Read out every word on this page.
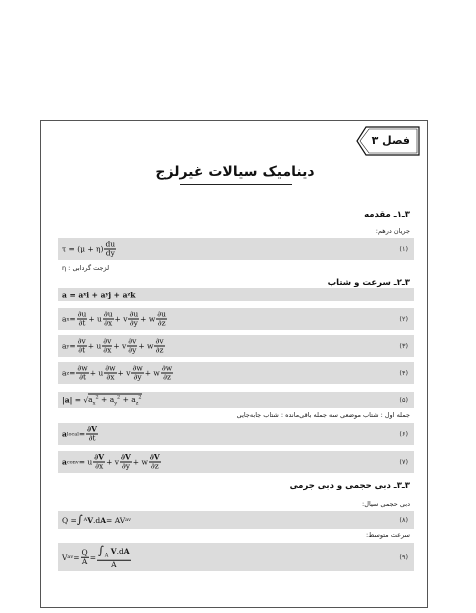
فصل ۳
دینامیک سیالات غیرلزج
۳ـ۱ـ مقدمه
جریان درهم:
τ = (μ + η)
du
dy	(۱)
η : لزجت گردابی
۳ـ۲ـ سرعت و شتاب
a = a x i + a y j + a z k
a x =
∂u
∂t + u
∂u
∂x + v
∂u
∂y + w
∂u
∂z	(۲)
a y =
∂v
∂t + u
∂v
∂x + v
∂v
∂y + w
∂v
∂z	(۳)
a z =
∂w
∂t + u
∂w
∂x + v
∂w
∂y + w
∂w
∂z	(۴)
|a| = √ $a_x^2 + a_y^2 + a_z^2$	(۵)
جمله اول : شتاب موضعی سه جمله باقی‌مانده : شتاب جابه‌جایی
a local =
∂V
∂t	(۶)
a conv = u
∂V
∂x + v
∂V
∂y + w
∂V
∂z	(۷)
۳ـ۳ـ دبی حجمی و دبی جرمی
دبی حجمی سیال:
Q = ∫ A V .d A = AV av	(۸)
سرعت متوسط:
V av =
Q
A =
$\int_A$ V.dA
A
(۹)
